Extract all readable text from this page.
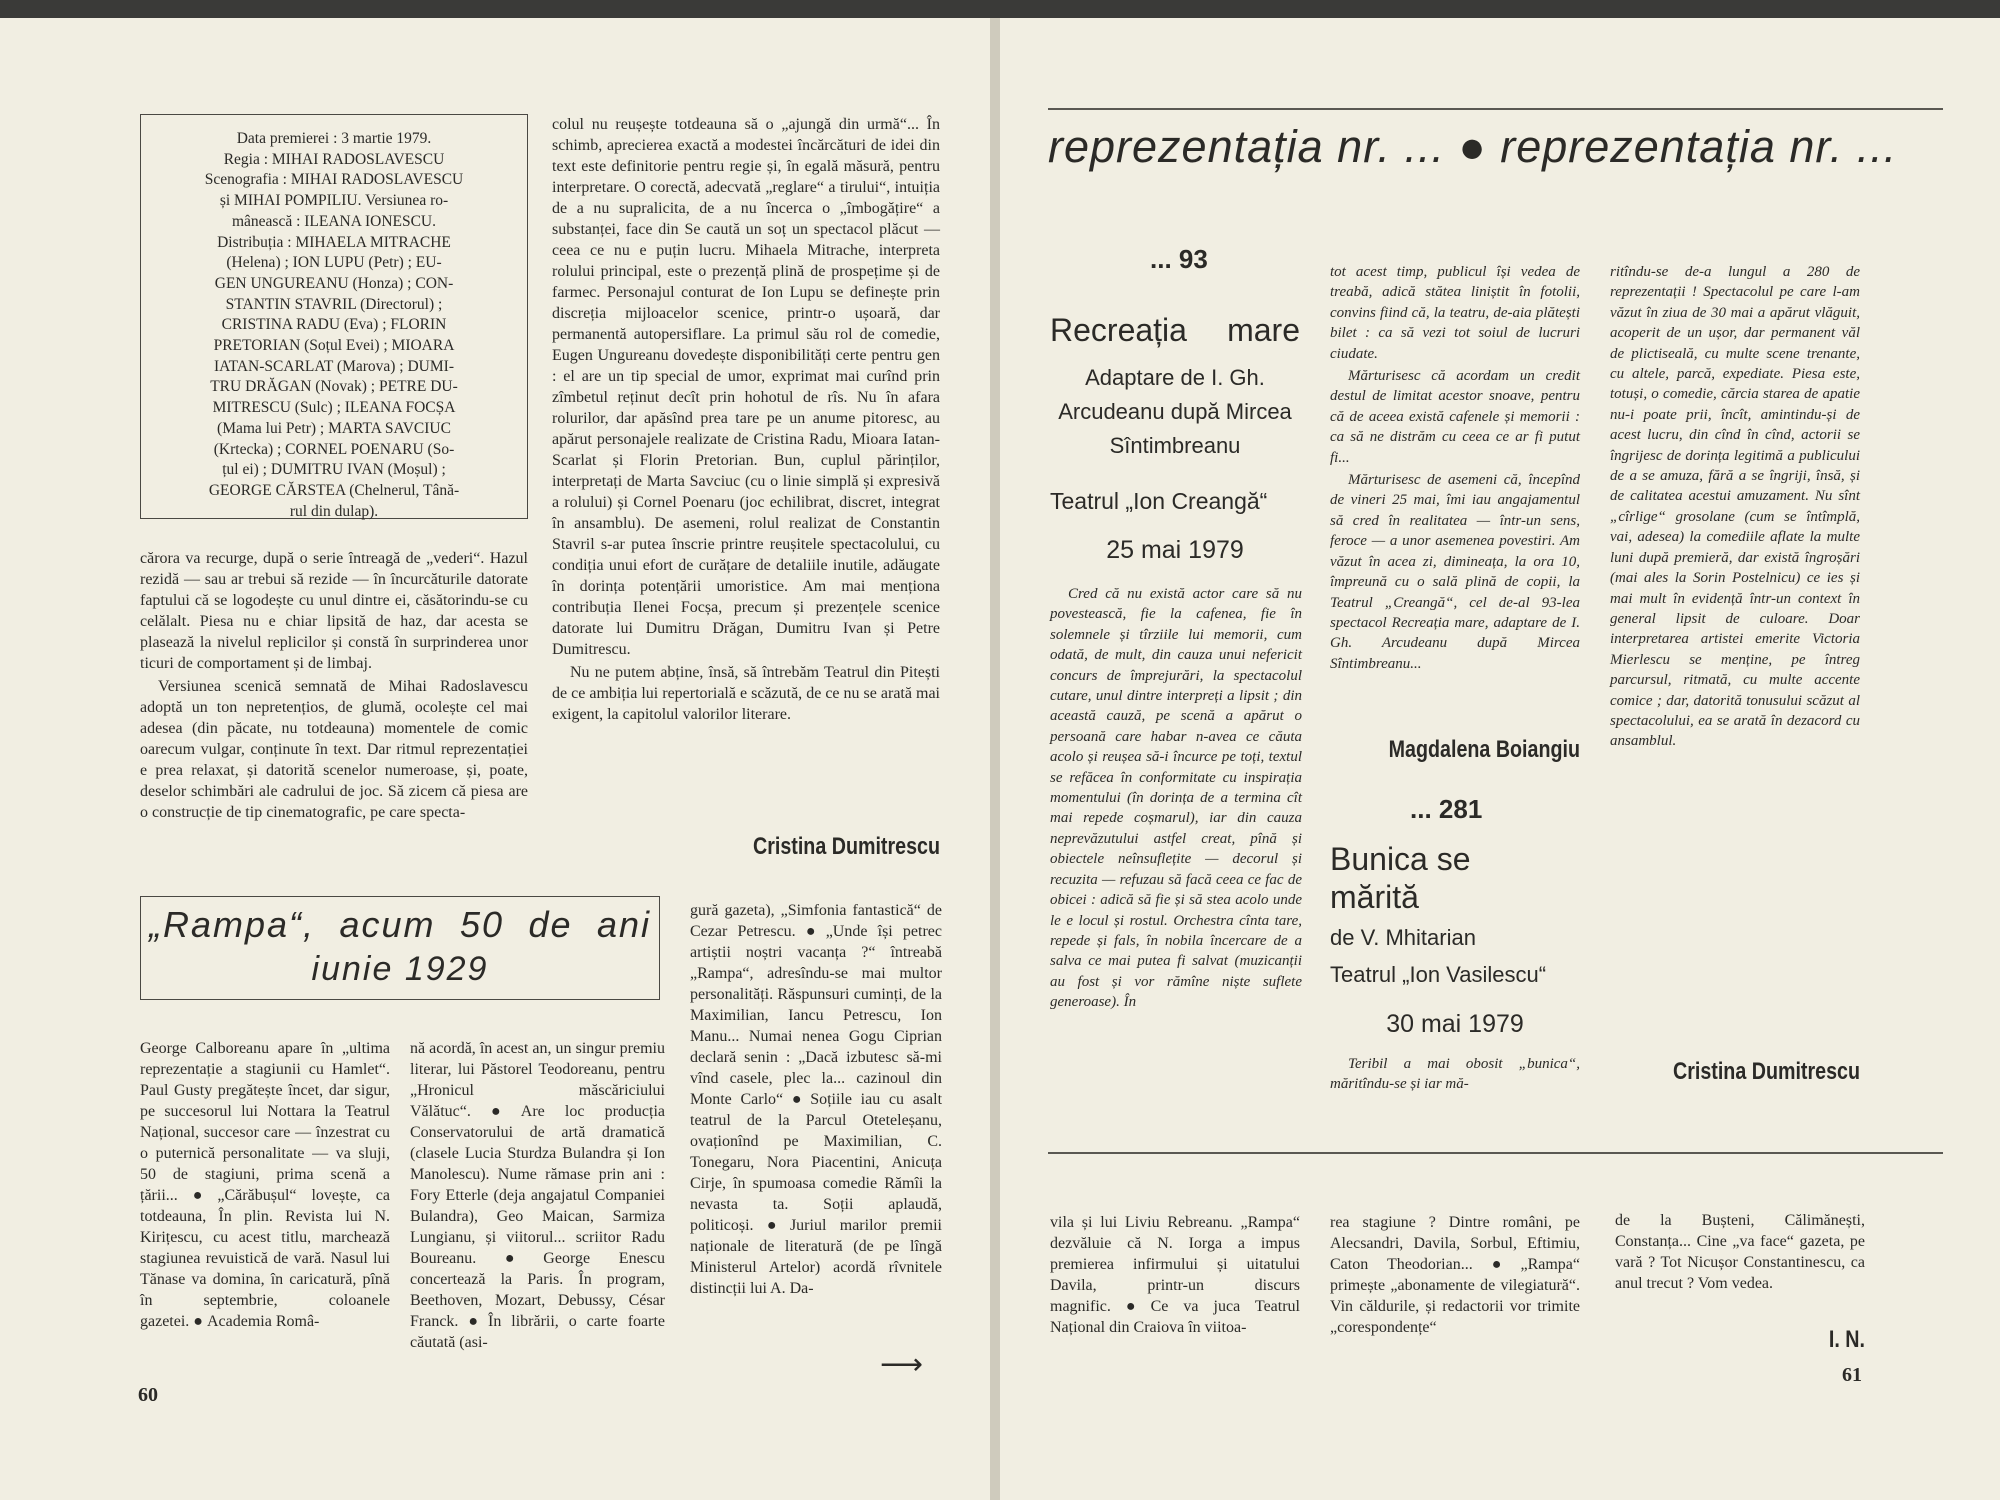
Data premierei : 3 martie 1979.
Regia : MIHAI RADOSLAVESCU
Scenografia : MIHAI RADOSLAVESCU
și MIHAI POMPILIU. Versiunea ro-
mânească : ILEANA IONESCU.
Distribuția : MIHAELA MITRACHE
(Helena) ; ION LUPU (Petr) ; EU-
GEN UNGUREANU (Honza) ; CON-
STANTIN STAVRIL (Directorul) ;
CRISTINA RADU (Eva) ; FLORIN
PRETORIAN (Soțul Evei) ; MIOARA
IATAN-SCARLAT (Marova) ; DUMI-
TRU DRĂGAN (Novak) ; PETRE DU-
MITRESCU (Sulc) ; ILEANA FOCȘA
(Mama lui Petr) ; MARTA SAVCIUC
(Krtecka) ; CORNEL POENARU (So-
țul ei) ; DUMITRU IVAN (Moșul) ;
GEORGE CĂRSTEA (Chelnerul, Tână-
rul din dulap).

cărora va recurge, după o serie întreagă de „vederi“. Hazul rezidă — sau ar trebui să rezide — în încurcăturile datorate faptului că se logodește cu unul dintre ei, căsătorindu-se cu celălalt. Piesa nu e chiar lipsită de haz, dar acesta se plasează la nivelul replicilor și constă în surprinderea unor ticuri de comportament și de limbaj.

Versiunea scenică semnată de Mihai Radoslavescu adoptă un ton nepretențios, de glumă, ocolește cel mai adesea (din păcate, nu totdeauna) momentele de comic oarecum vulgar, conținute în text. Dar ritmul reprezentației e prea relaxat, și datorită scenelor numeroase, și, poate, deselor schimbări ale cadrului de joc. Să zicem că piesa are o construcție de tip cinematografic, pe care specta-

colul nu reușește totdeauna să o „ajungă din urmă“... În schimb, aprecierea exactă a modestei încărcături de idei din text este definitorie pentru regie și, în egală măsură, pentru interpretare. O corectă, adecvată „reglare“ a tirului“, intuiția de a nu supralicita, de a nu încerca o „îmbogățire“ a substanței, face din Se caută un soț un spectacol plăcut — ceea ce nu e puțin lucru. Mihaela Mitrache, interpreta rolului principal, este o prezență plină de prospețime și de farmec. Personajul conturat de Ion Lupu se definește prin discreția mijloacelor scenice, printr-o ușoară, dar permanentă autopersiflare. La primul său rol de comedie, Eugen Ungureanu dovedește disponibilități certe pentru gen : el are un tip special de umor, exprimat mai curînd prin zîmbetul reținut decît prin hohotul de rîs. Nu în afara rolurilor, dar apăsînd prea tare pe un anume pitoresc, au apărut personajele realizate de Cristina Radu, Mioara Iatan-Scarlat și Florin Pretorian. Bun, cuplul părinților, interpretați de Marta Savciuc (cu o linie simplă și expresivă a rolului) și Cornel Poenaru (joc echilibrat, discret, integrat în ansamblu). De asemeni, rolul realizat de Constantin Stavril s-ar putea înscrie printre reușitele spectacolului, cu condiția unui efort de curățare de detaliile inutile, adăugate în dorința potențării umoristice. Am mai menționa contribuția Ilenei Focșa, precum și prezențele scenice datorate lui Dumitru Drăgan, Dumitru Ivan și Petre Dumitrescu.

Nu ne putem abține, însă, să întrebăm Teatrul din Pitești de ce ambiția lui repertorială e scăzută, de ce nu se arată mai exigent, la capitolul valorilor literare.

Cristina Dumitrescu
„Rampa“, acum 50 de ani
iunie 1929

George Calboreanu apare în „ultima reprezentație a stagiunii cu Hamlet“. Paul Gusty pregătește încet, dar sigur, pe succesorul lui Nottara la Teatrul Național, succesor care — înzestrat cu o puternică personalitate — va sluji, 50 de stagiuni, prima scenă a țării... ● „Cărăbușul“ lovește, ca totdeauna, În plin. Revista lui N. Kirițescu, cu acest titlu, marchează stagiunea revuistică de vară. Nasul lui Tănase va domina, în caricatură, pînă în septembrie, coloanele gazetei. ● Academia Româ-

nă acordă, în acest an, un singur premiu literar, lui Păstorel Teodoreanu, pentru „Hronicul măscăriciului Vălătuc“. ●	Are loc producția Conservatorului de artă dramatică (clasele Lucia Sturdza Bulandra și Ion Manolescu). Nume rămase prin ani : Fory Etterle (deja angajatul Companiei Bulandra), Geo Maican, Sarmiza Lungianu, și viitorul... scriitor Radu Boureanu. ●	George Enescu concertează la Paris. În program, Beethoven, Mozart, Debussy, César Franck. ● În librării, o carte foarte căutată (asi-

gură gazeta), „Simfonia fantastică“ de Cezar Petrescu. ● „Unde își petrec artiștii noștri vacanța ?“ întreabă „Rampa“, adresîndu-se mai multor personalități. Răspunsuri cuminți, de la Maximilian, Iancu Petrescu, Ion Manu... Numai nenea Gogu Ciprian declară senin : „Dacă izbutesc să-mi vînd casele, plec la... cazinoul din Monte Carlo“ ● Soțiile iau cu asalt teatrul de la Parcul Oteteleșanu, ovaționînd pe Maximilian, C. Tonegaru, Nora Piacentini, Anicuța Cirje, în spumoasa comedie Rămîi la nevasta ta. Soții aplaudă, politicoși. ● Juriul marilor premii naționale de literatură (de pe lîngă Ministerul Artelor) acordă rîvnitele distincții lui A. Da-

⟶
60
reprezentația nr. ... ● reprezentația nr. ...
... 93
Recreația mare
Adaptare de I. Gh. Arcudeanu după Mircea Sîntimbreanu
Teatrul „Ion Creangă“
25 mai 1979

Cred că nu există actor care să nu povestească, fie la cafenea, fie în solemnele și tîrziile lui memorii, cum odată, de mult, din cauza unui nefericit concurs de împrejurări, la spectacolul cutare, unul dintre interpreți a lipsit ; din această cauză, pe scenă a apărut o persoană care habar n-avea ce căuta acolo și reușea să-i încurce pe toți, textul se refăcea în conformitate cu inspirația momentului (în dorința de a termina cît mai repede coșmarul), iar din cauza neprevăzutului astfel creat, pînă și obiectele neînsuflețite — decorul și recuzita — refuzau să facă ceea ce fac de obicei : adică să fie și să stea acolo unde le e locul și rostul. Orchestra cînta tare, repede și fals, în nobila încercare de a salva ce mai putea fi salvat (muzicanții au fost și vor rămîne niște suflete generoase). În

tot acest timp, publicul își vedea de treabă, adică stătea liniștit în fotolii, convins fiind că, la teatru, de-aia plătești bilet : ca să vezi tot soiul de lucruri ciudate.

Mărturisesc că acordam un credit destul de limitat acestor snoave, pentru că de aceea există cafenele și memorii : ca să ne distrăm cu ceea ce ar fi putut fi...

Mărturisesc de asemeni că, începînd de vineri 25 mai, îmi iau angajamentul să cred în realitatea — într-un sens, feroce — a unor asemenea povestiri. Am văzut în acea zi, dimineața, la ora 10, împreună cu o sală plină de copii, la Teatrul „Creangă“, cel de-al 93-lea spectacol Recreația mare, adaptare de I. Gh. Arcudeanu după Mircea Sîntimbreanu...

Magdalena Boiangiu
... 281
Bunica se mărită
de V. Mhitarian
Teatrul „Ion Vasilescu“
30 mai 1979

Teribil a mai obosit „bunica“, măritîndu-se și iar mă-

ritîndu-se de-a lungul a 280 de reprezentații ! Spectacolul pe care l-am văzut în ziua de 30 mai a apărut vlăguit, acoperit de un ușor, dar permanent văl de plictiseală, cu multe scene trenante, cu altele, parcă, expediate. Piesa este, totuși, o comedie, cărcia starea de apatie nu-i poate prii, încît, amintindu-și de acest lucru, din cînd în cînd, actorii se îngrijesc de dorința legitimă a publicului de a se amuza, fără a se îngriji, însă, și de calitatea acestui amuzament. Nu sînt „cîrlige“ grosolane (cum se întîmplă, vai, adesea) la comediile aflate la multe luni după premieră, dar există îngroșări (mai ales la Sorin Postelnicu) ce ies și mai mult în evidență într-un context în general lipsit de culoare. Doar interpretarea artistei emerite Victoria Mierlescu se menține, pe întreg parcursul, ritmată, cu multe accente comice ; dar, datorită tonusului scăzut al spectacolului, ea se arată în dezacord cu ansamblul.

Cristina Dumitrescu

vila și lui Liviu Rebreanu. „Rampa“ dezvăluie că N. Iorga a impus premierea infirmului și uitatului Davila, printr-un discurs magnific. ● Ce va juca Teatrul Național din Craiova în viitoa-

rea stagiune ? Dintre români, pe Alecsandri, Davila, Sorbul, Eftimiu, Caton Theodorian... ●	„Rampa“ primește „abonamente de vilegiatură“. Vin căldurile, și redactorii vor trimite „corespondențe“

de la Bușteni, Călimănești, Constanța... Cine „va face“ gazeta, pe vară ? Tot Nicușor Constantinescu, ca anul trecut ? Vom vedea.

I. N.
61
